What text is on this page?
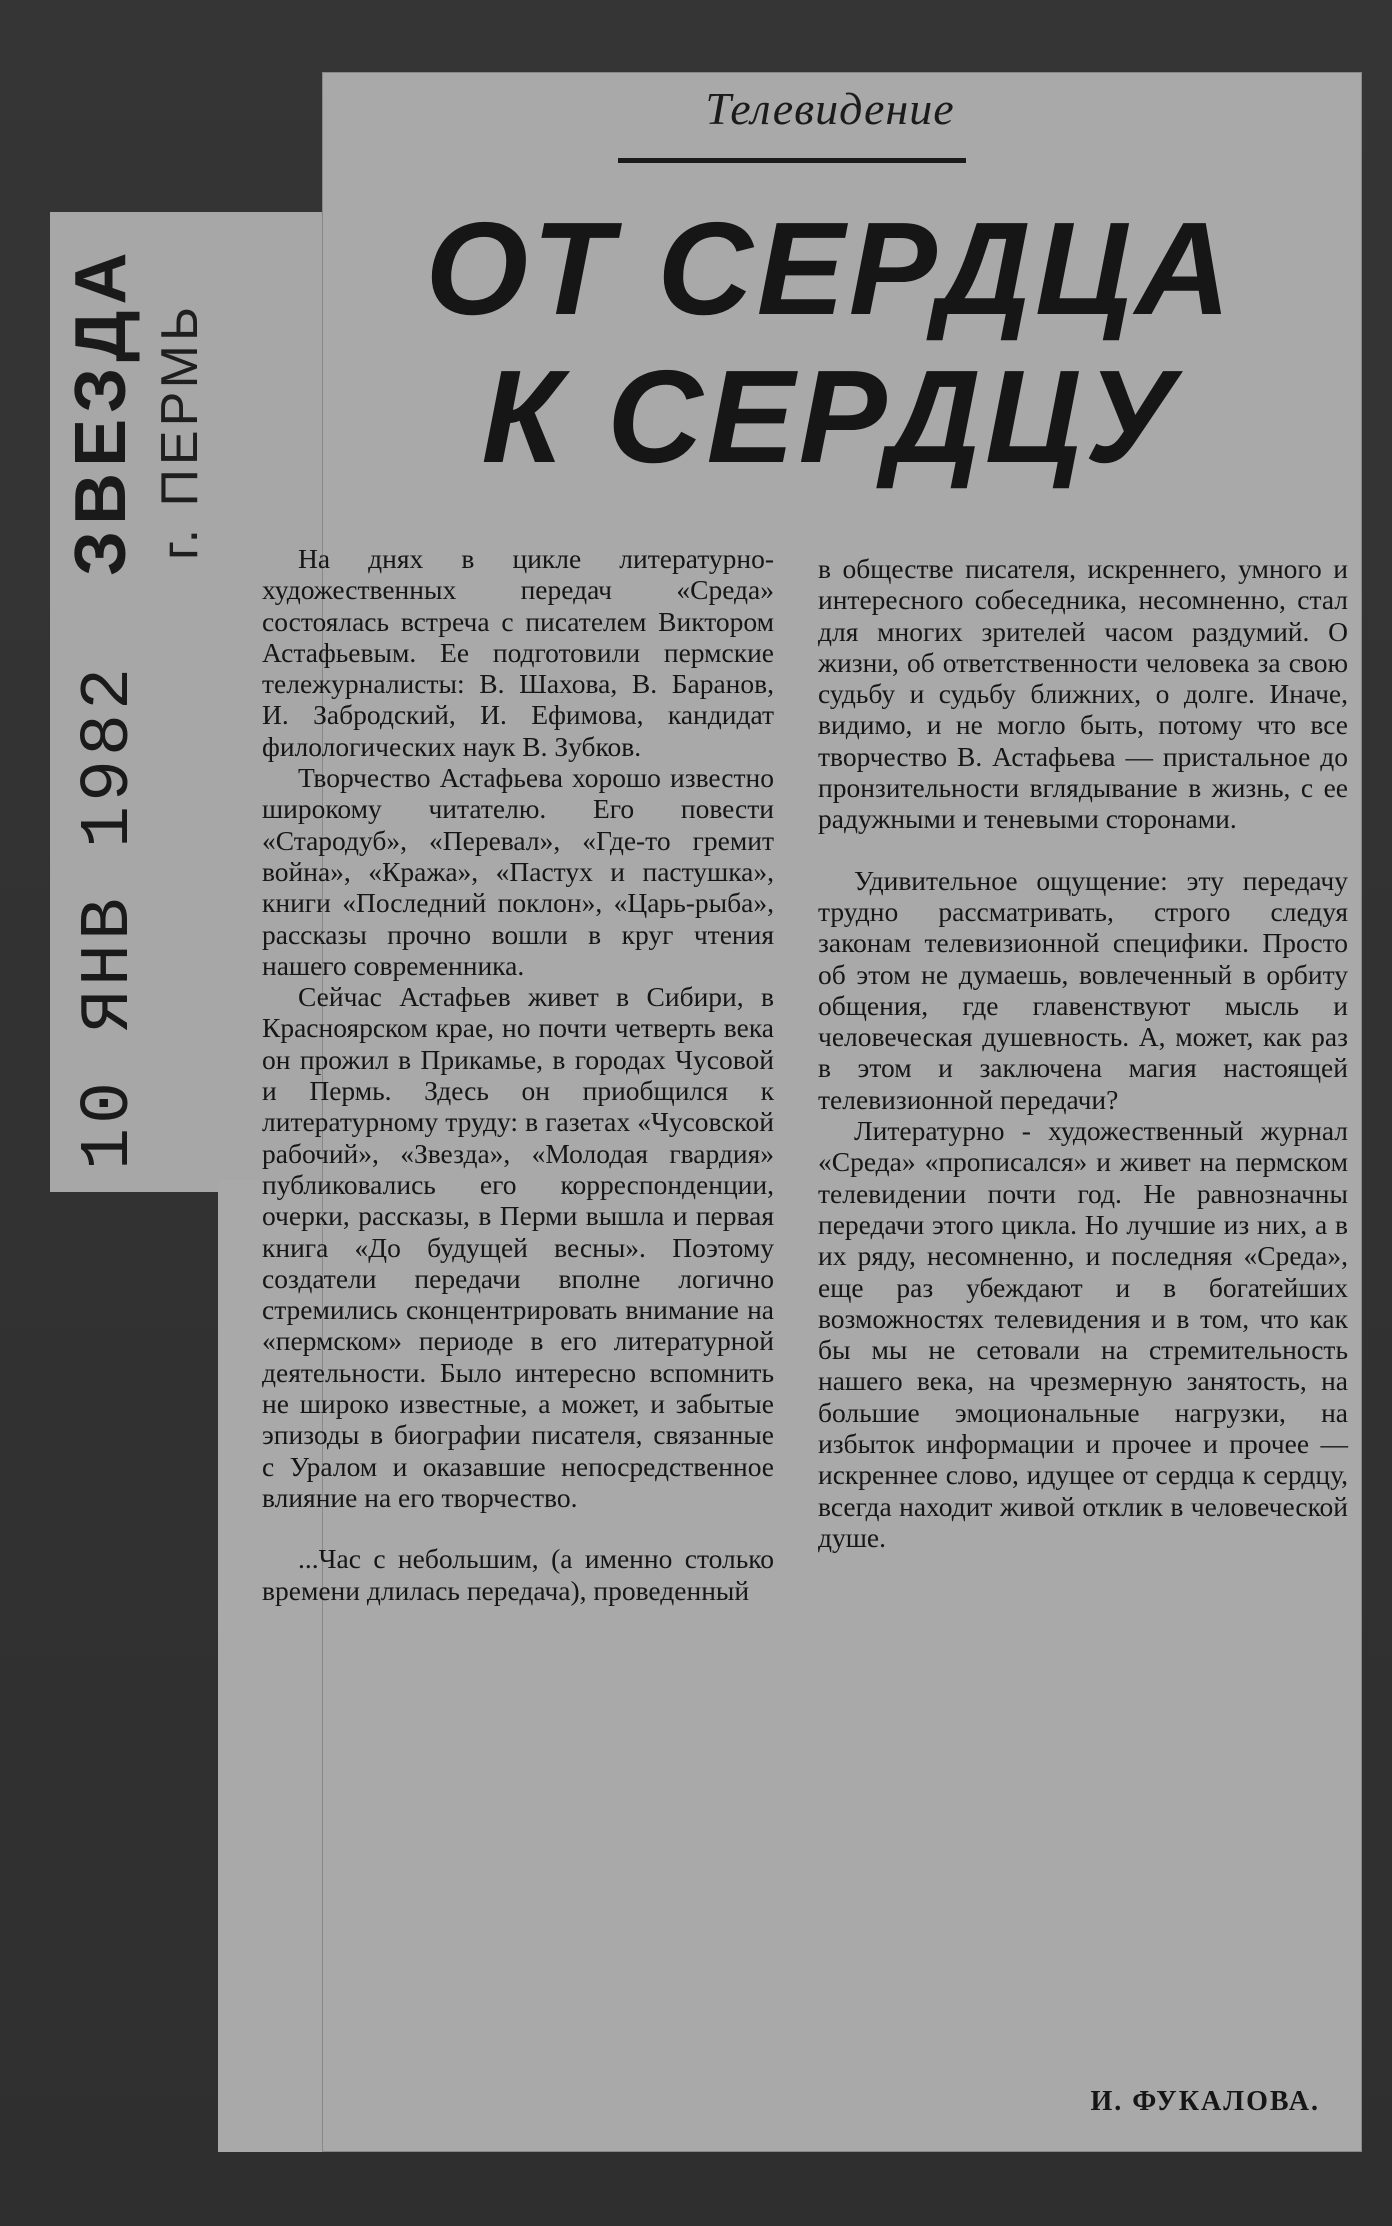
Телевидение
ОТ СЕРДЦА
К СЕРДЦУ
ЗВЕЗДА г. ПЕРМЬ
10 ЯНВ 1982

На днях в цикле литературно-художественных передач «Среда» состоялась встреча с писателем Виктором Астафьевым. Ее подготовили пермские тележурналисты: В. Шахова, В. Баранов, И. Забродский, И. Ефимова, кандидат филологических наук В. Зубков.

Творчество Астафьева хорошо известно широкому читателю. Его повести «Стародуб», «Перевал», «Где-то гремит война», «Кража», «Пастух и пастушка», книги «Последний поклон», «Царь-рыба», рассказы прочно вошли в круг чтения нашего современника.

Сейчас Астафьев живет в Сибири, в Красноярском крае, но почти четверть века он прожил в Прикамье, в городах Чусовой и Пермь. Здесь он приобщился к литературному труду: в газетах «Чусовской рабочий», «Звезда», «Молодая гвардия» публиковались его корреспонденции, очерки, рассказы, в Перми вышла и первая книга «До будущей весны». Поэтому создатели передачи вполне логично стремились сконцентрировать внимание на «пермском» периоде в его литературной деятельности. Было интересно вспомнить не широко известные, а может, и забытые эпизоды в биографии писателя, связанные с Уралом и оказавшие непосредственное влияние на его творчество.

...Час с небольшим, (а именно столько времени длилась передача), проведенный

в обществе писателя, искреннего, умного и интересного собеседника, несомненно, стал для многих зрителей часом раздумий. О жизни, об ответственности человека за свою судьбу и судьбу ближних, о долге. Иначе, видимо, и не могло быть, потому что все творчество В. Астафьева — пристальное до пронзительности вглядывание в жизнь, с ее радужными и теневыми сторонами.

Удивительное ощущение: эту передачу трудно рассматривать, строго следуя законам телевизионной специфики. Просто об этом не думаешь, вовлеченный в орбиту общения, где главенствуют мысль и человеческая душевность. А, может, как раз в этом и заключена магия настоящей телевизионной передачи?

Литературно - художественный журнал «Среда» «прописался» и живет на пермском телевидении почти год. Не равнозначны передачи этого цикла. Но лучшие из них, а в их ряду, несомненно, и последняя «Среда», еще раз убеждают и в богатейших возможностях телевидения и в том, что как бы мы не сетовали на стремительность нашего века, на чрезмерную занятость, на большие эмоциональные нагрузки, на избыток информации и прочее и прочее — искреннее слово, идущее от сердца к сердцу, всегда находит живой отклик в человеческой душе.

И. ФУКАЛОВА.
